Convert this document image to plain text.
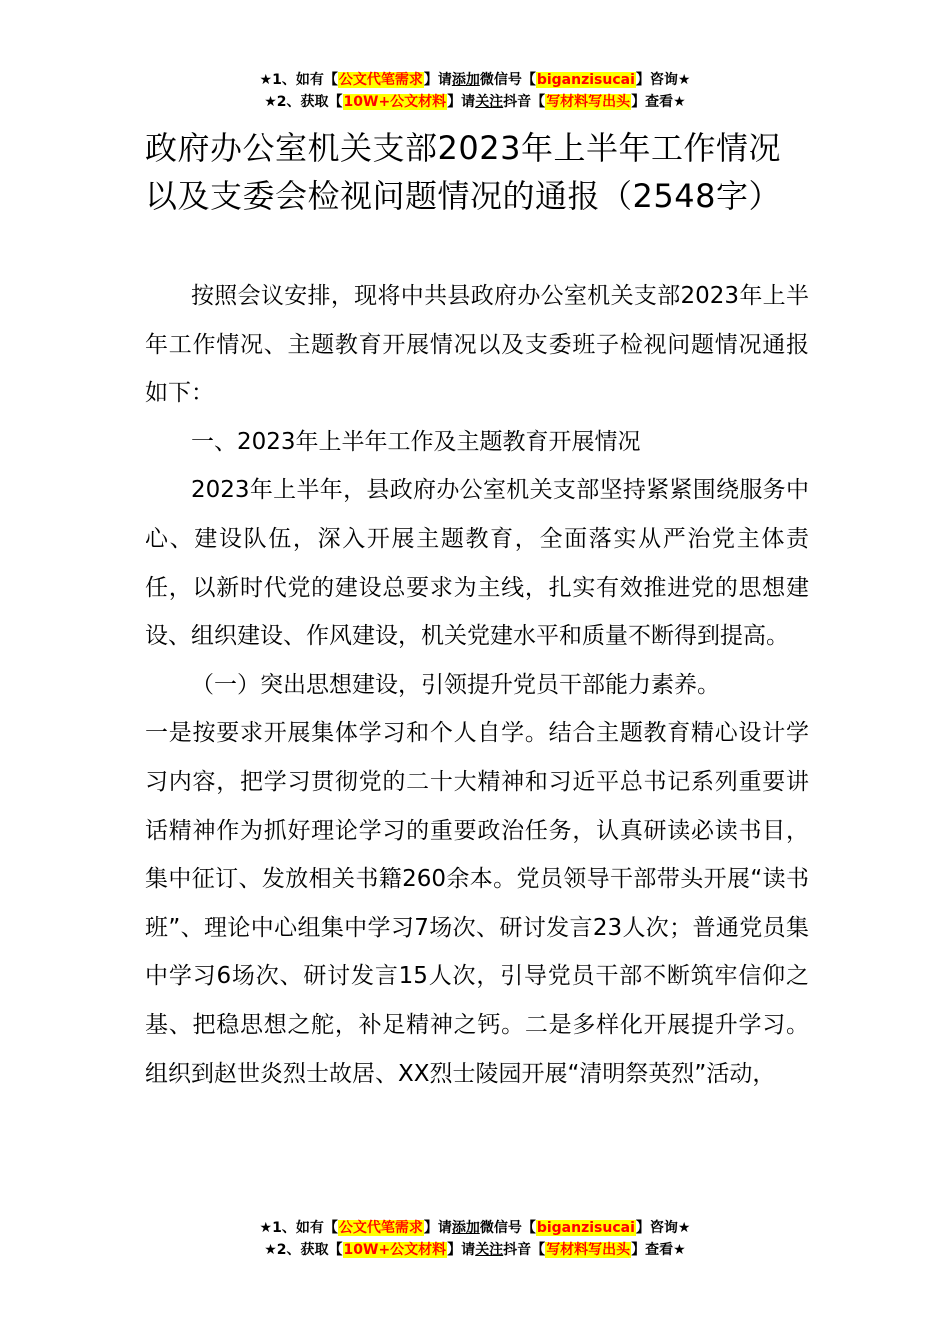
★1、如有【公文代笔需求】请添加微信号【biganzisucai】咨询★
★2、获取【10W+公文材料】请关注抖音【写材料写出头】查看★
政府办公室机关支部2023年上半年工作情况以及支委会检视问题情况的通报（2548字）

按照会议安排，现将中共县政府办公室机关支部2023年上半年工作情况、主题教育开展情况以及支委班子检视问题情况通报如下：

一、2023年上半年工作及主题教育开展情况

2023年上半年，县政府办公室机关支部坚持紧紧围绕服务中心、建设队伍，深入开展主题教育，全面落实从严治党主体责任，以新时代党的建设总要求为主线，扎实有效推进党的思想建设、组织建设、作风建设，机关党建水平和质量不断得到提高。

（一）突出思想建设，引领提升党员干部能力素养。

一是按要求开展集体学习和个人自学。结合主题教育精心设计学习内容，把学习贯彻党的二十大精神和习近平总书记系列重要讲话精神作为抓好理论学习的重要政治任务，认真研读必读书目，集中征订、发放相关书籍260余本。党员领导干部带头开展“读书班”、理论中心组集中学习7场次、研讨发言23人次；普通党员集中学习6场次、研讨发言15人次，引导党员干部不断筑牢信仰之基、把稳思想之舵，补足精神之钙。二是多样化开展提升学习。组织到赵世炎烈士故居、XX烈士陵园开展“清明祭英烈”活动，

★1、如有【公文代笔需求】请添加微信号【biganzisucai】咨询★
★2、获取【10W+公文材料】请关注抖音【写材料写出头】查看★
